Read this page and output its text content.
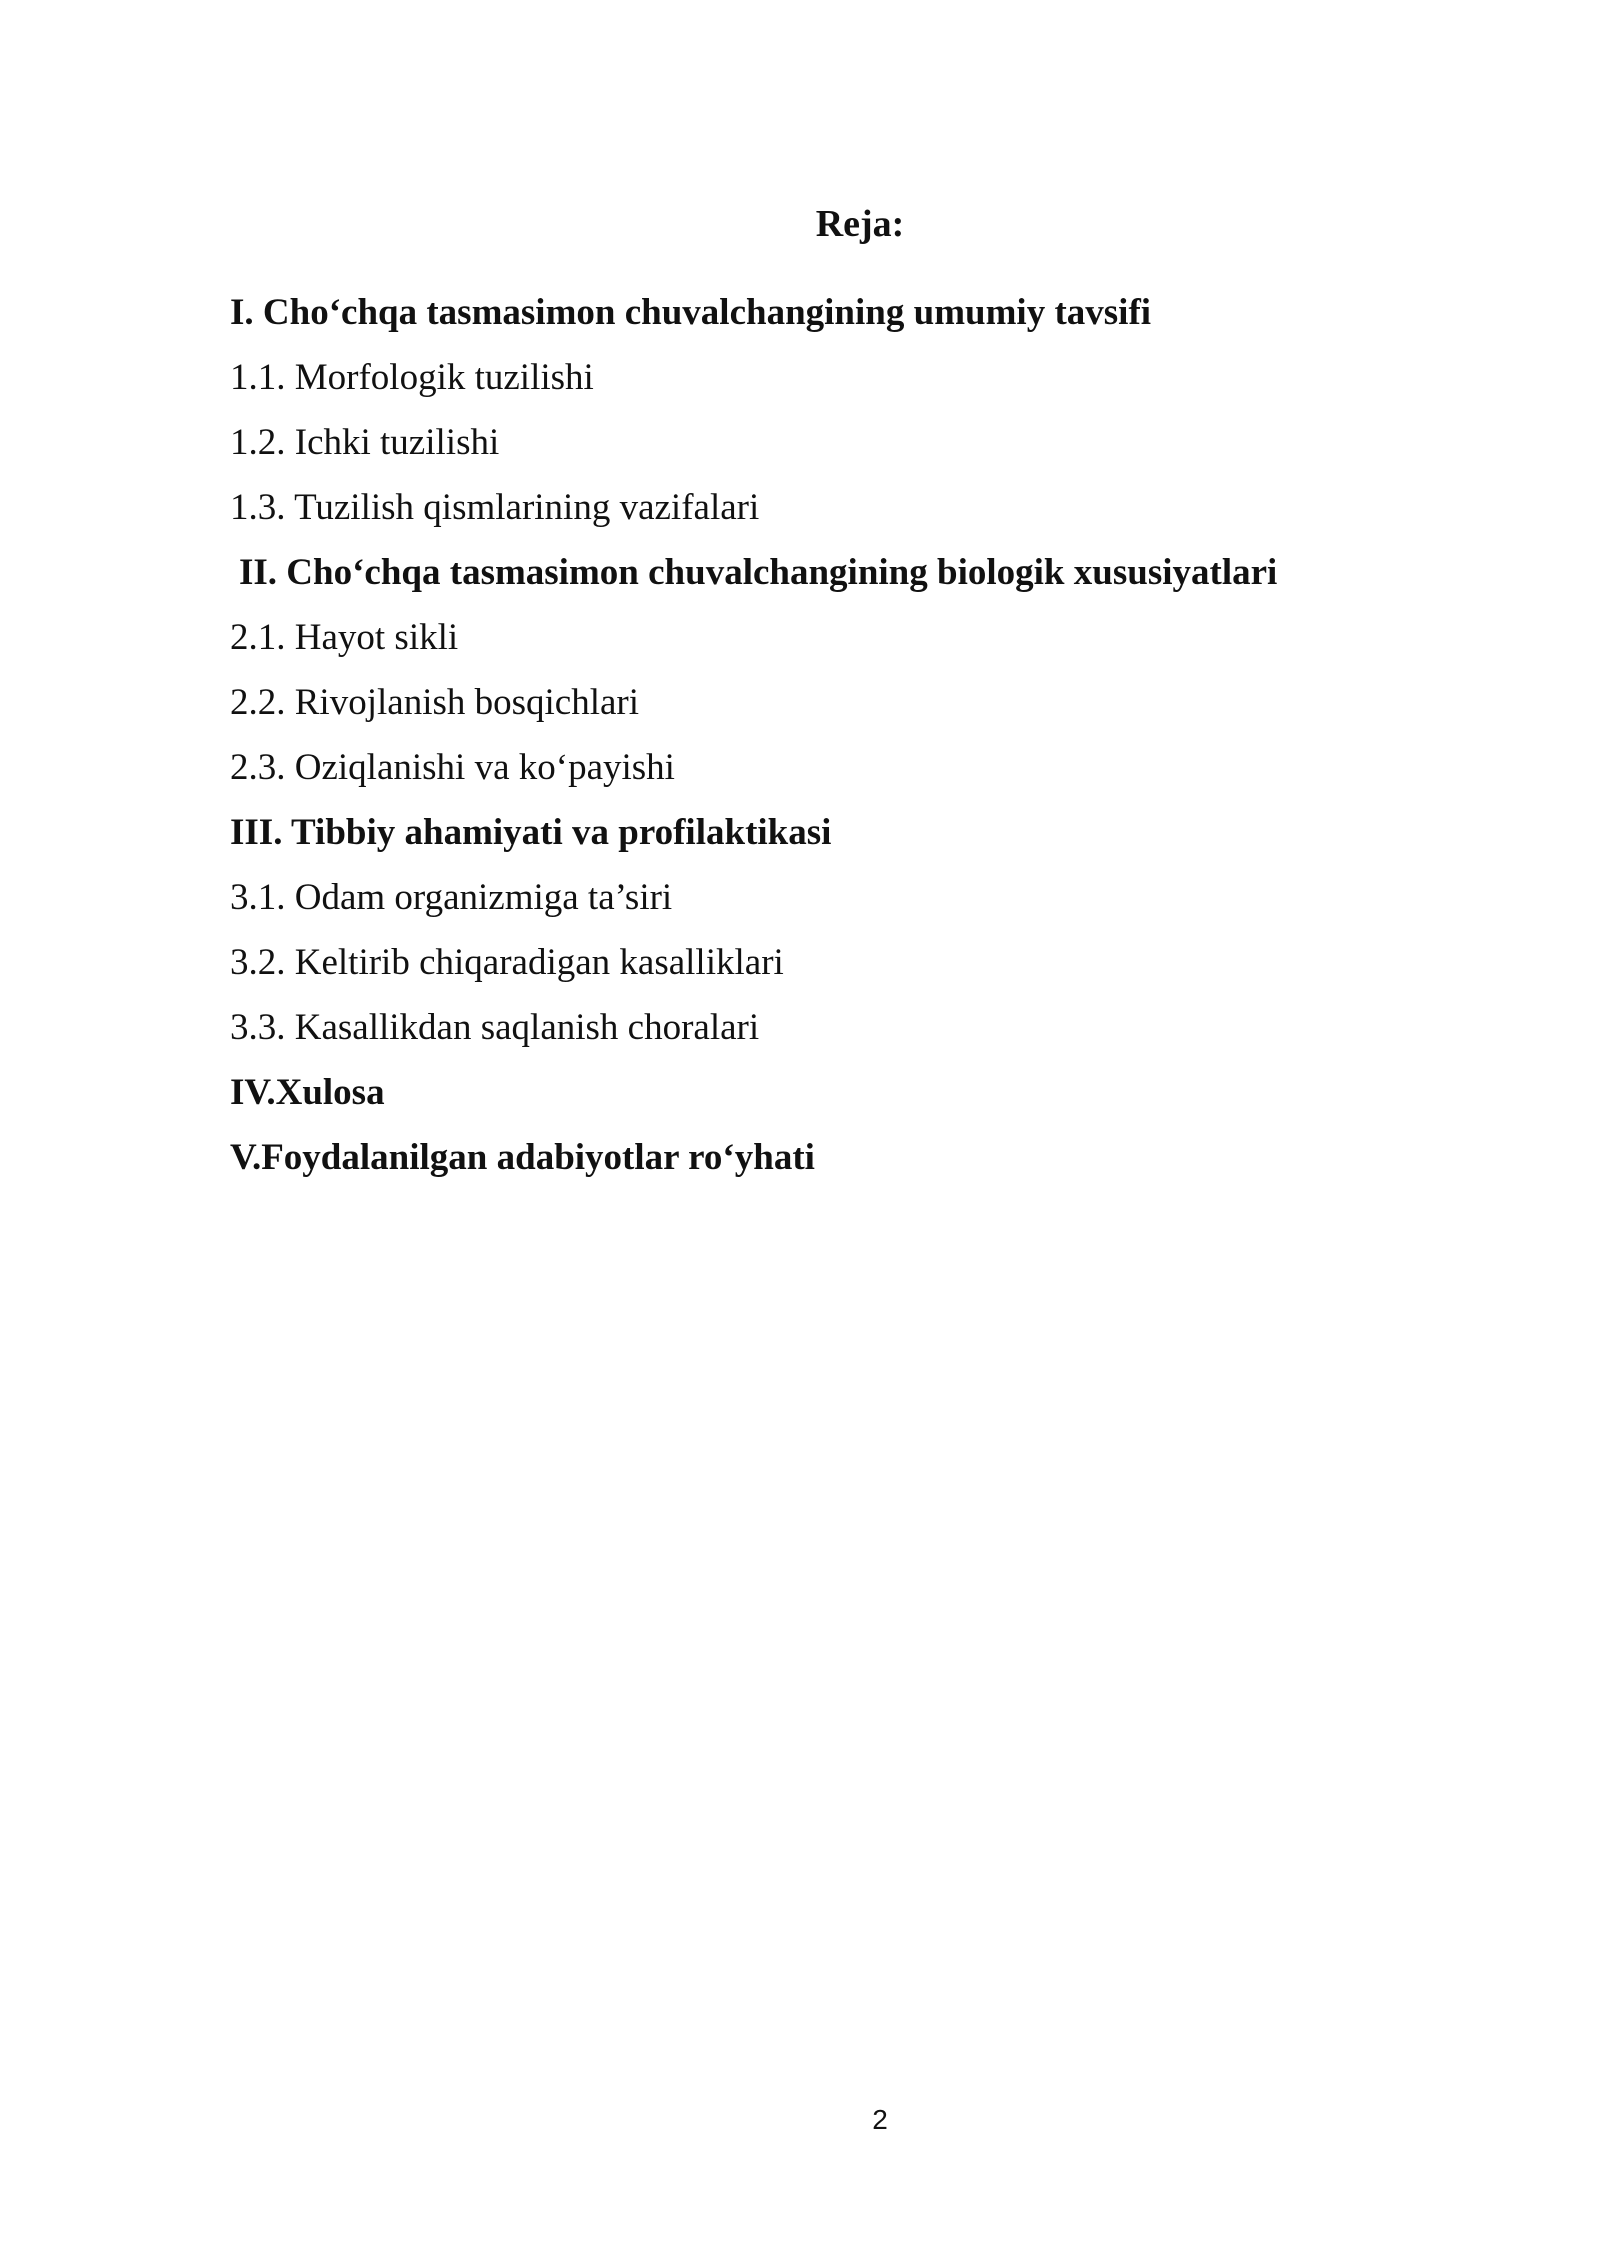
Reja:
I. Cho‘chqa tasmasimon chuvalchangining umumiy tavsifi
1.1. Morfologik tuzilishi
1.2. Ichki tuzilishi
1.3. Tuzilish qismlarining vazifalari
II. Cho‘chqa tasmasimon chuvalchangining biologik xususiyatlari
2.1. Hayot sikli
2.2. Rivojlanish bosqichlari
2.3. Oziqlanishi va ko‘payishi
III. Tibbiy ahamiyati va profilaktikasi
3.1. Odam organizmiga ta’siri
3.2. Keltirib chiqaradigan kasalliklari
3.3. Kasallikdan saqlanish choralari
IV.Xulosa
V.Foydalanilgan adabiyotlar ro‘yhati
2
